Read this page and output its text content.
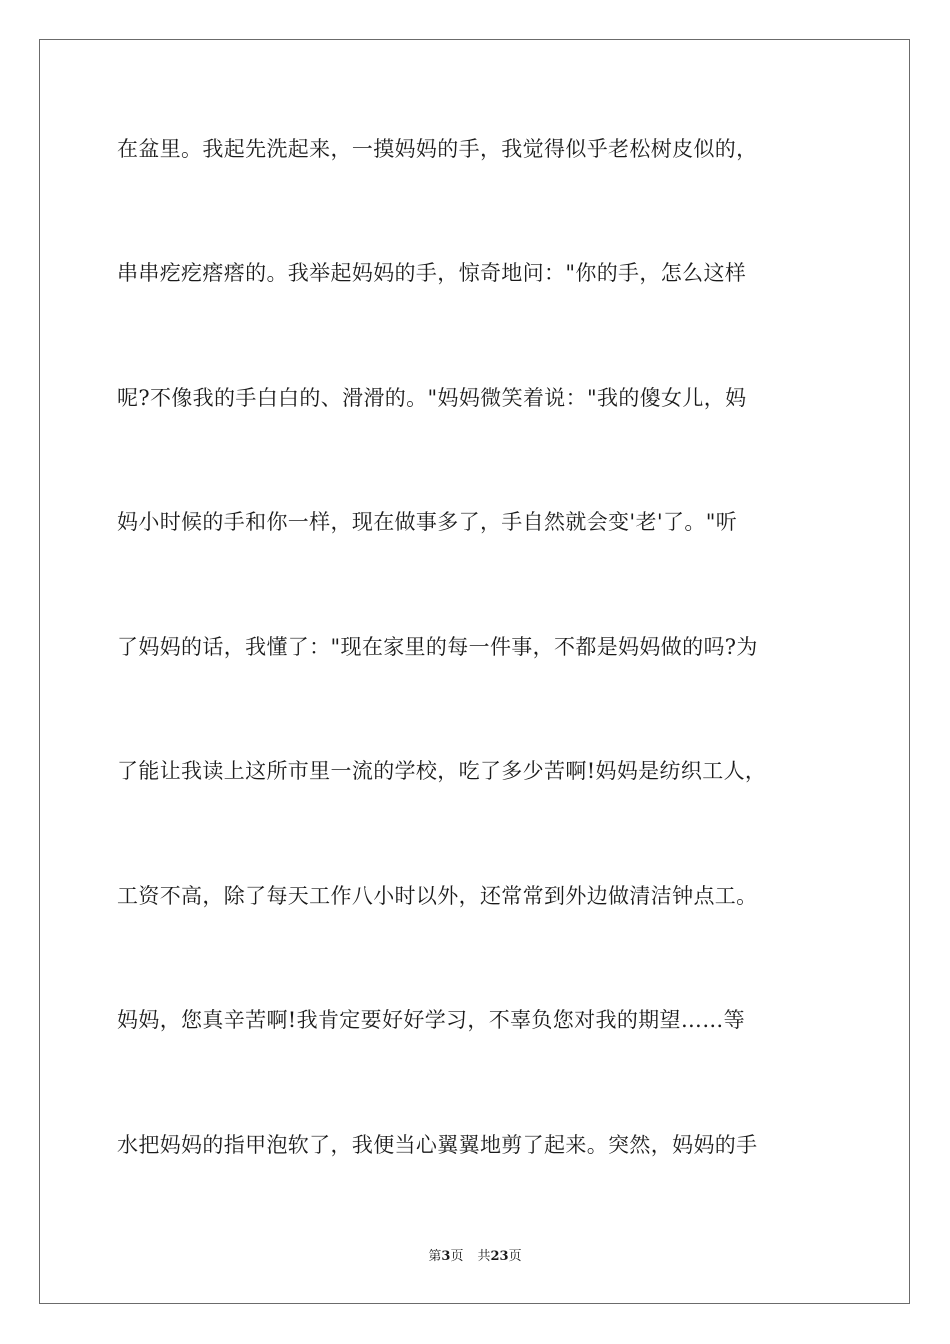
在盆里。我起先洗起来，一摸妈妈的手，我觉得似乎老松树皮似的，
串串疙疙瘩瘩的。我举起妈妈的手，惊奇地问："你的手，怎么这样
呢?不像我的手白白的、滑滑的。"妈妈微笑着说："我的傻女儿，妈
妈小时候的手和你一样，现在做事多了，手自然就会变'老'了。"听
了妈妈的话，我懂了："现在家里的每一件事，不都是妈妈做的吗?为
了能让我读上这所市里一流的学校，吃了多少苦啊!妈妈是纺织工人，
工资不高，除了每天工作八小时以外，还常常到外边做清洁钟点工。
妈妈，您真辛苦啊!我肯定要好好学习，不辜负您对我的期望……等
水把妈妈的指甲泡软了，我便当心翼翼地剪了起来。突然，妈妈的手
第3页 共23页
